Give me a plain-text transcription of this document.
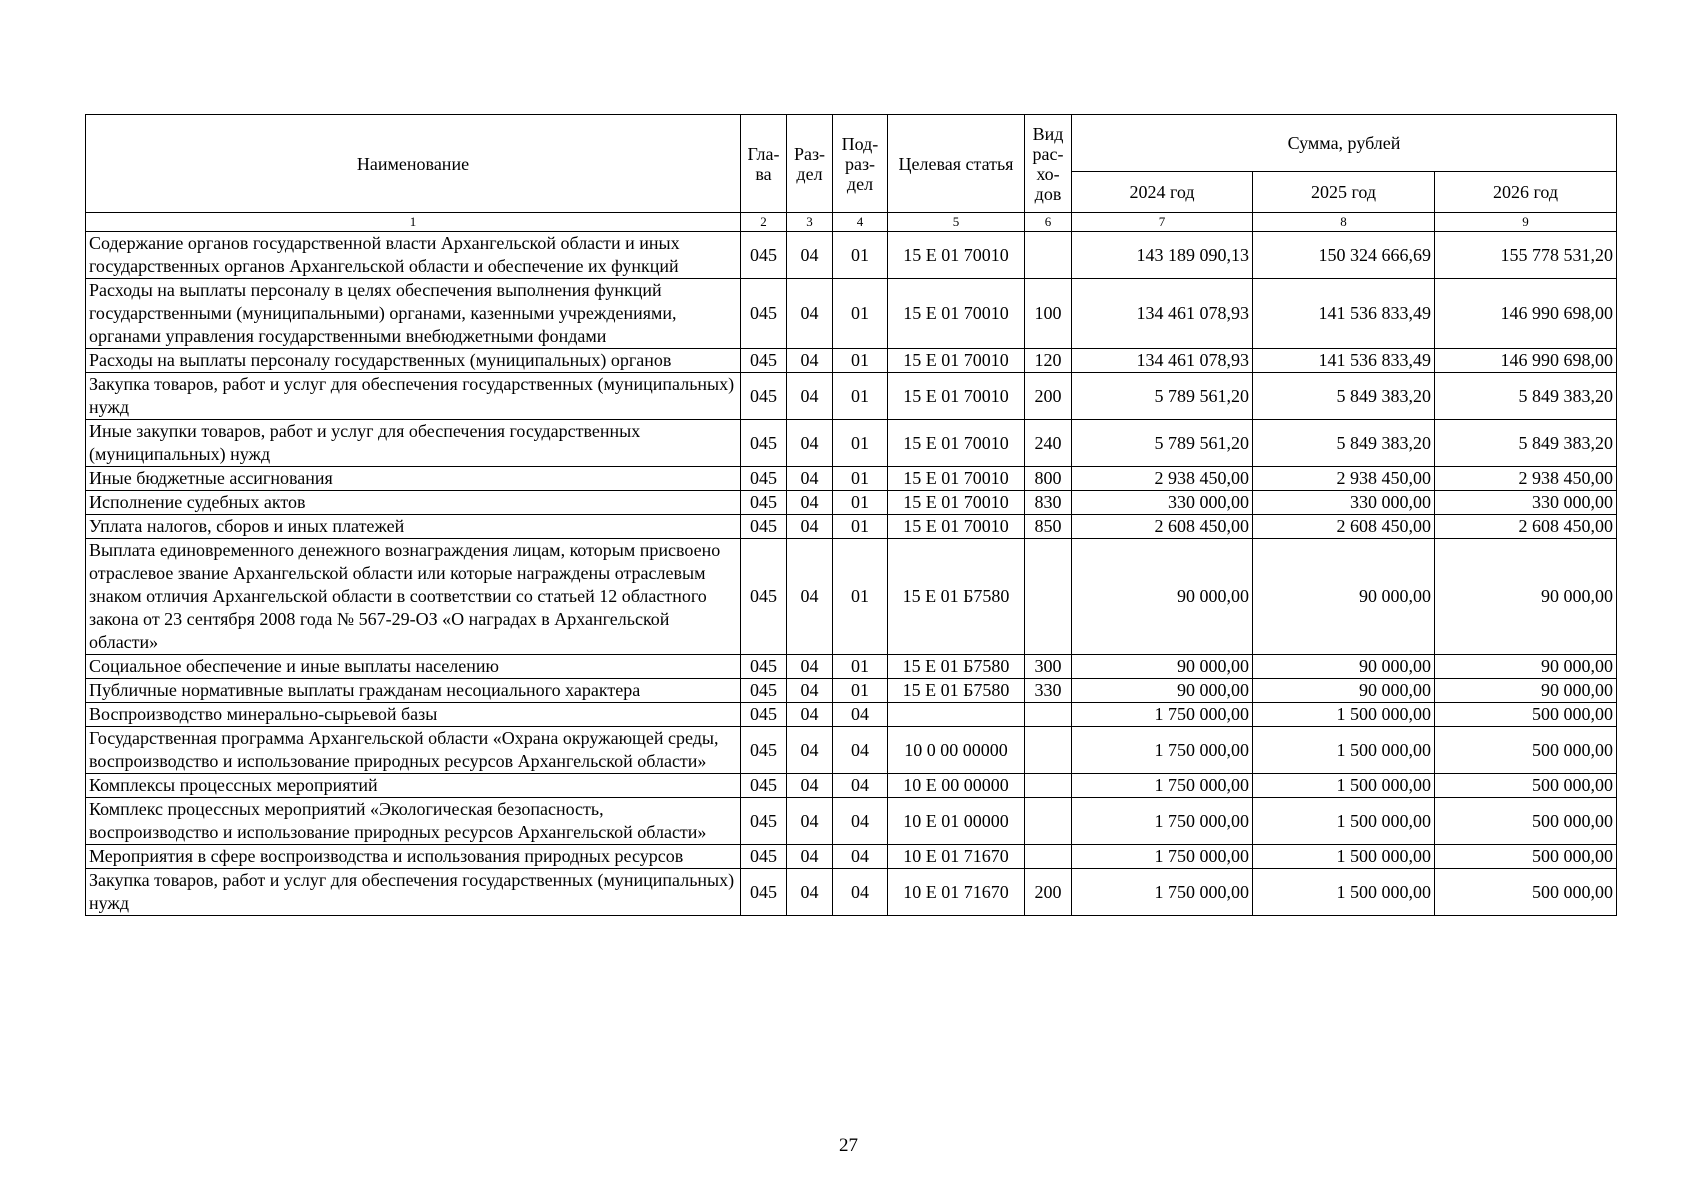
Наименование	Гла-ва	Раз-дел	Под-раз-дел	Целевая статья	Вид рас-хо-дов	Сумма, рублей		
						2024 год	2025 год	2026 год
1	2	3	4	5	6	7	8	9
Содержание органов государственной власти Архангельской области и иных государственных органов Архангельской области и обеспечение их функций	045	04	01	15 Е 01 70010		143 189 090,13	150 324 666,69	155 778 531,20
Расходы на выплаты персоналу в целях обеспечения выполнения функций государственными (муниципальными) органами, казенными учреждениями, органами управления государственными внебюджетными фондами	045	04	01	15 Е 01 70010	100	134 461 078,93	141 536 833,49	146 990 698,00
Расходы на выплаты персоналу государственных (муниципальных) органов	045	04	01	15 Е 01 70010	120	134 461 078,93	141 536 833,49	146 990 698,00
Закупка товаров, работ и услуг для обеспечения государственных (муниципальных) нужд	045	04	01	15 Е 01 70010	200	5 789 561,20	5 849 383,20	5 849 383,20
Иные закупки товаров, работ и услуг для обеспечения государственных (муниципальных) нужд	045	04	01	15 Е 01 70010	240	5 789 561,20	5 849 383,20	5 849 383,20
Иные бюджетные ассигнования	045	04	01	15 Е 01 70010	800	2 938 450,00	2 938 450,00	2 938 450,00
Исполнение судебных актов	045	04	01	15 Е 01 70010	830	330 000,00	330 000,00	330 000,00
Уплата налогов, сборов и иных платежей	045	04	01	15 Е 01 70010	850	2 608 450,00	2 608 450,00	2 608 450,00
Выплата единовременного денежного вознаграждения лицам, которым присвоено отраслевое звание Архангельской области или которые награждены отраслевым знаком отличия Архангельской области в соответствии со статьей 12 областного закона от 23 сентября 2008 года № 567-29-ОЗ «О наградах в Архангельской области»	045	04	01	15 Е 01 Б7580		90 000,00	90 000,00	90 000,00
Социальное обеспечение и иные выплаты населению	045	04	01	15 Е 01 Б7580	300	90 000,00	90 000,00	90 000,00
Публичные нормативные выплаты гражданам несоциального характера	045	04	01	15 Е 01 Б7580	330	90 000,00	90 000,00	90 000,00
Воспроизводство минерально-сырьевой базы	045	04	04			1 750 000,00	1 500 000,00	500 000,00
Государственная программа Архангельской области «Охрана окружающей среды, воспроизводство и использование природных ресурсов Архангельской области»	045	04	04	10 0 00 00000		1 750 000,00	1 500 000,00	500 000,00
Комплексы процессных мероприятий	045	04	04	10 Е 00 00000		1 750 000,00	1 500 000,00	500 000,00
Комплекс процессных мероприятий «Экологическая безопасность, воспроизводство и использование природных ресурсов Архангельской области»	045	04	04	10 Е 01 00000		1 750 000,00	1 500 000,00	500 000,00
Мероприятия в сфере воспроизводства и использования природных ресурсов	045	04	04	10 Е 01 71670		1 750 000,00	1 500 000,00	500 000,00
Закупка товаров, работ и услуг для обеспечения государственных (муниципальных) нужд	045	04	04	10 Е 01 71670	200	1 750 000,00	1 500 000,00	500 000,00
27
